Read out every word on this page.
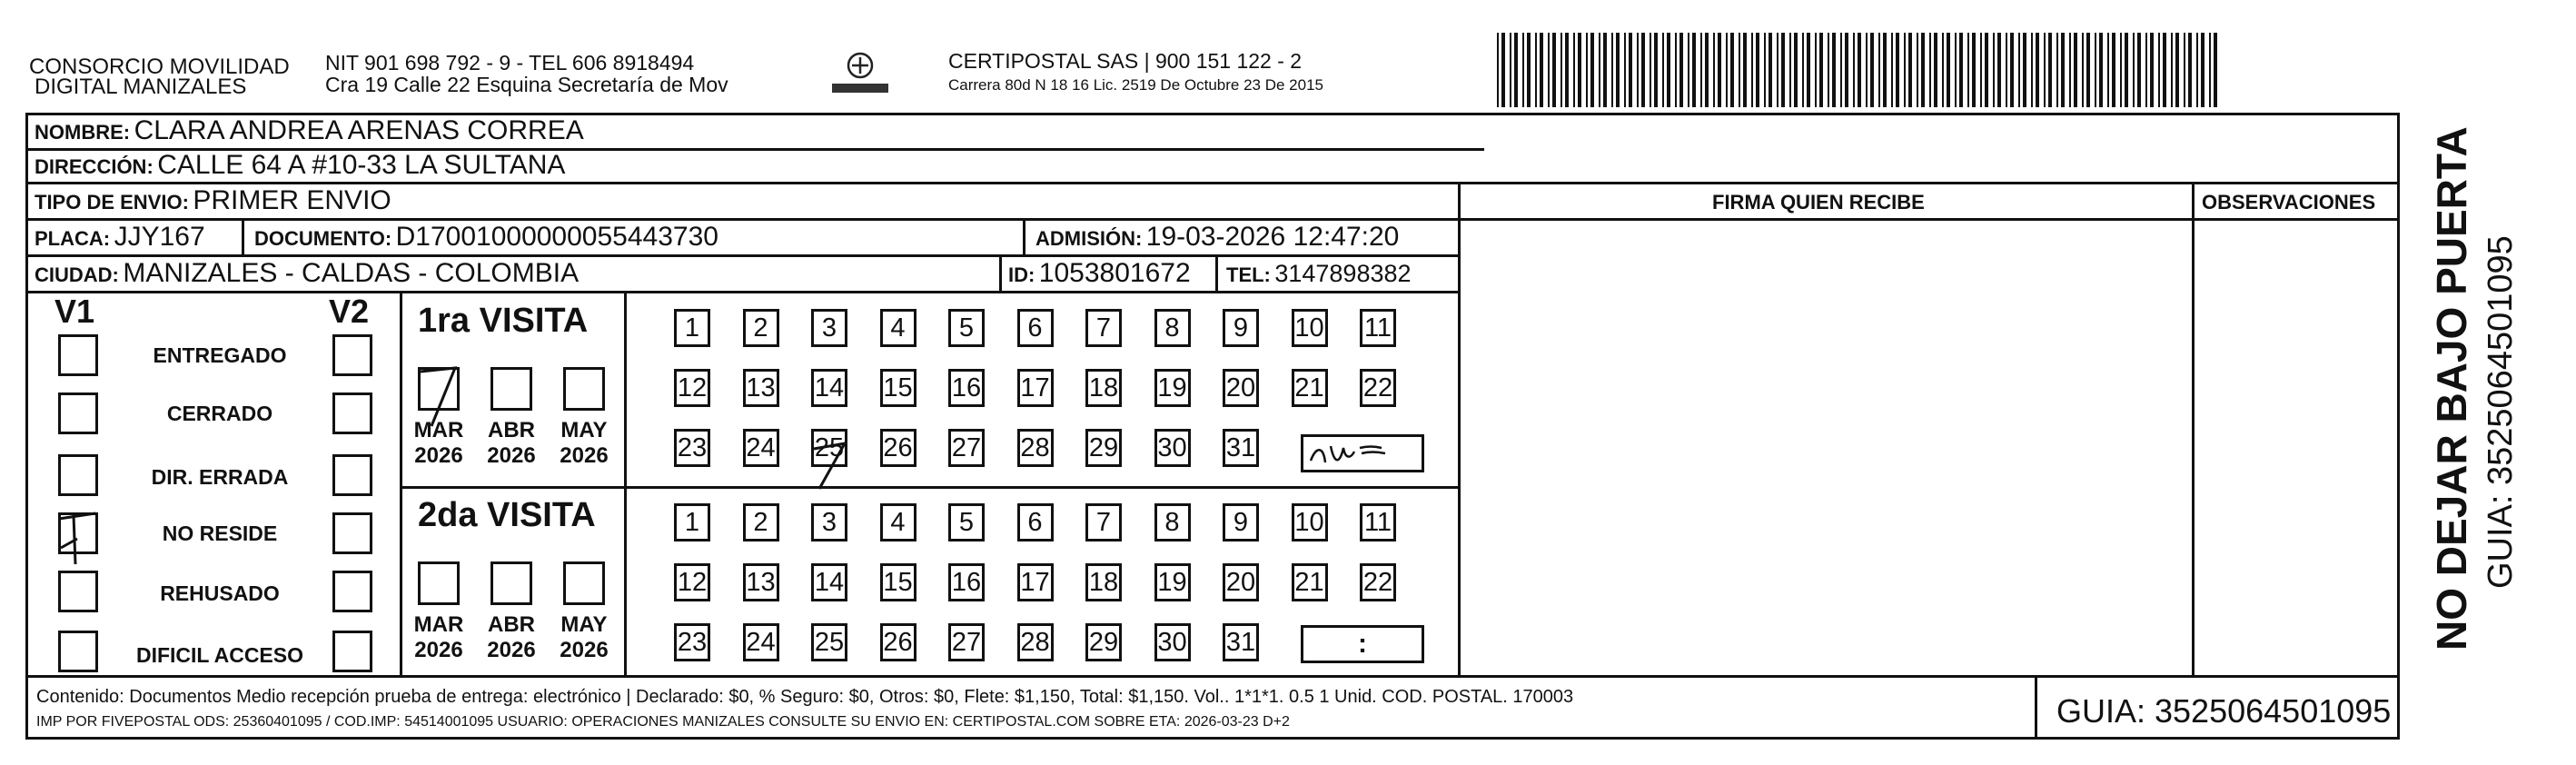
CONSORCIO MOVILIDAD
DIGITAL MANIZALES
NIT 901 698 792 - 9 - TEL 606 8918494
Cra 19 Calle 22 Esquina Secretaría de Mov
CERTIPOSTAL SAS | 900 151 122 - 2
Carrera 80d N 18 16 Lic. 2519 De Octubre 23 De 2015
NOMBRE: CLARA ANDREA ARENAS CORREA
DIRECCIÓN: CALLE 64 A #10-33 LA SULTANA
TIPO DE ENVIO: PRIMER ENVIO	FIRMA QUIEN RECIBE	OBSERVACIONES
PLACA: JJY167 DOCUMENTO: D17001000000055443730	ADMISIÓN: 19-03-2026 12:47:20
CIUDAD: MANIZALES - CALDAS - COLOMBIA	ID: 1053801672 TEL: 3147898382
V1	V2
ENTREGADO
CERRADO
DIR. ERRADA
NO RESIDE
REHUSADO
DIFICIL ACCESO
1ra VISITA
MAR
2026
ABR
2026
MAY
2026
1	2	3	4	5	6	7	8	9	10 11
12 13 14 15 16 17 18 19 20 21 22
23 24 25 26 27 28 29 30 31
2da VISITA
MAR
2026
ABR
2026
MAY
2026
1	2	3	4	5	6	7	8	9	10 11
12 13 14 15 16 17 18 19 20 21 22
23 24 25 26 27 28 29 30 31	:
Contenido: Documentos Medio recepción prueba de entrega: electrónico | Declarado: $0, % Seguro: $0, Otros: $0, Flete: $1,150, Total: $1,150. Vol.. 1*1*1. 0.5 1 Unid. COD. POSTAL. 170003
IMP POR FIVEPOSTAL ODS: 25360401095 / COD.IMP: 54514001095 USUARIO: OPERACIONES MANIZALES CONSULTE SU ENVIO EN: CERTIPOSTAL.COM SOBRE ETA: 2026-03-23 D+2	GUIA: 3525064501095
NO DEJAR BAJO PUERTA GUIA: 3525064501095
